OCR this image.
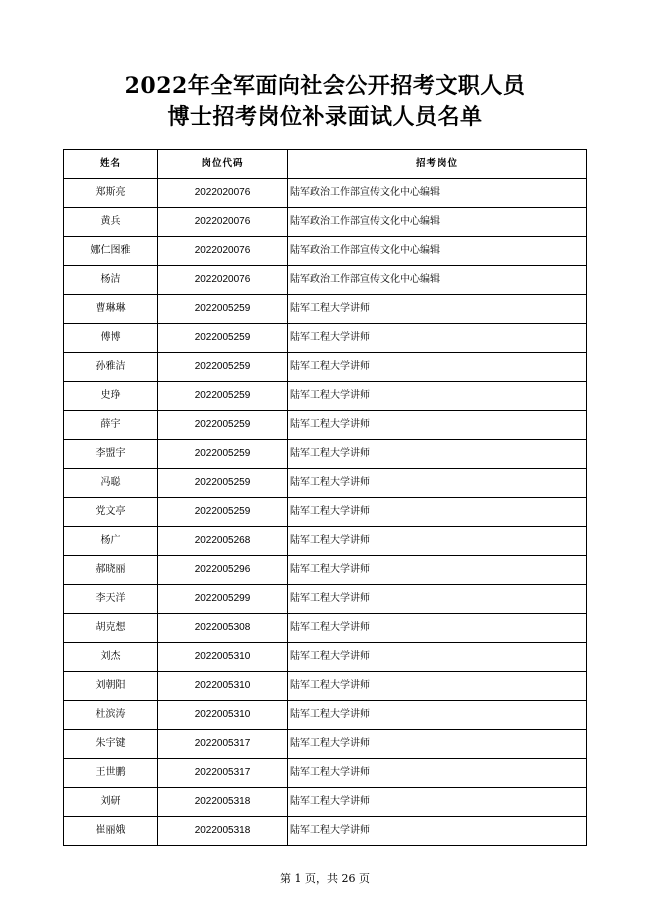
2022年全军面向社会公开招考文职人员
博士招考岗位补录面试人员名单
姓名	岗位代码	招考岗位
郑斯亮	2022020076	陆军政治工作部宣传文化中心编辑
黄兵	2022020076	陆军政治工作部宣传文化中心编辑
娜仁图雅	2022020076	陆军政治工作部宣传文化中心编辑
杨洁	2022020076	陆军政治工作部宣传文化中心编辑
曹琳琳	2022005259	陆军工程大学讲师
傅博	2022005259	陆军工程大学讲师
孙雅洁	2022005259	陆军工程大学讲师
史琤	2022005259	陆军工程大学讲师
薛宇	2022005259	陆军工程大学讲师
李盟宇	2022005259	陆军工程大学讲师
冯聪	2022005259	陆军工程大学讲师
党文亭	2022005259	陆军工程大学讲师
杨广	2022005268	陆军工程大学讲师
郝晓丽	2022005296	陆军工程大学讲师
李天洋	2022005299	陆军工程大学讲师
胡克想	2022005308	陆军工程大学讲师
刘杰	2022005310	陆军工程大学讲师
刘朝阳	2022005310	陆军工程大学讲师
杜滨涛	2022005310	陆军工程大学讲师
朱宇键	2022005317	陆军工程大学讲师
王世鹏	2022005317	陆军工程大学讲师
刘研	2022005318	陆军工程大学讲师
崔丽娥	2022005318	陆军工程大学讲师
第 1 页，共 26 页
